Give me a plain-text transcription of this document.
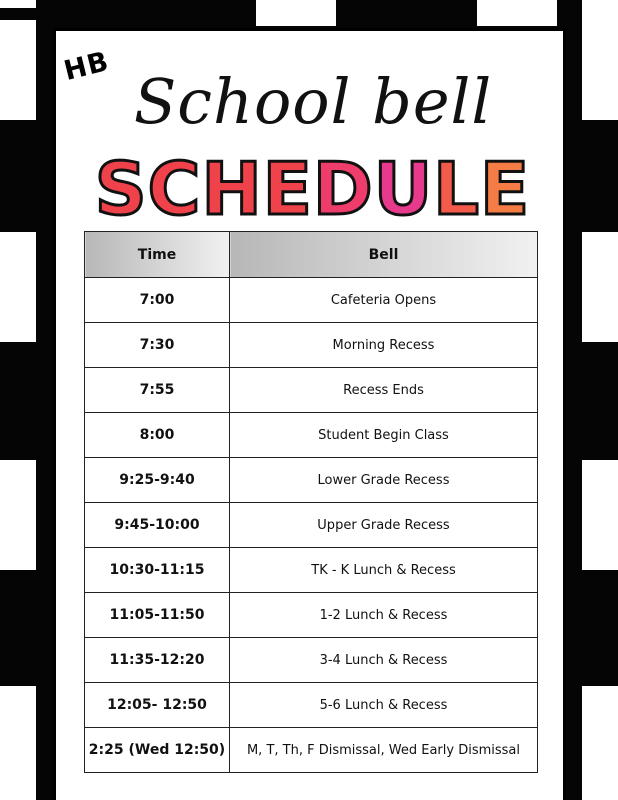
HB School bell
SCHEDULE
Time	Bell
7:00	Cafeteria Opens
7:30	Morning Recess
7:55	Recess Ends
8:00	Student Begin Class
9:25-9:40	Lower Grade Recess
9:45-10:00	Upper Grade Recess
10:30-11:15	TK - K Lunch & Recess
11:05-11:50	1-2 Lunch & Recess
11:35-12:20	3-4 Lunch & Recess
12:05- 12:50	5-6 Lunch & Recess
2:25 (Wed 12:50)	M, T, Th, F Dismissal, Wed Early Dismissal
